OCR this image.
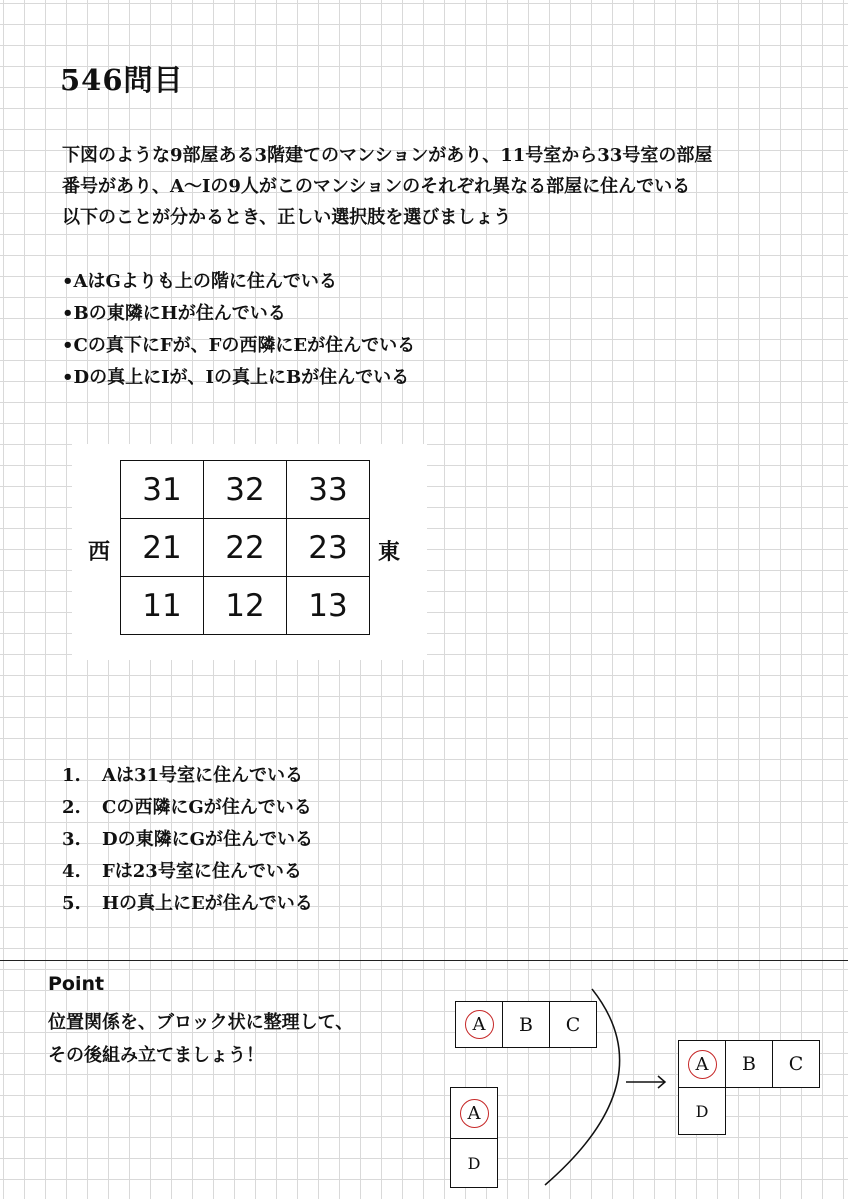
546問目
下図のような9部屋ある3階建てのマンションがあり、11号室から33号室の部屋
番号があり、A〜Iの9人がこのマンションのそれぞれ異なる部屋に住んでいる
以下のことが分かるとき、正しい選択肢を選びましょう
•AはGよりも上の階に住んでいる
•Bの東隣にHが住んでいる
•Cの真下にFが、Fの西隣にEが住んでいる
•Dの真上にIが、Iの真上にBが住んでいる
31	32	33
21	22	23
11	12	13
西	東
1. Aは31号室に住んでいる
2. Cの西隣にGが住んでいる
3. Dの東隣にGが住んでいる
4. Fは23号室に住んでいる
5. Hの真上にEが住んでいる
Point
位置関係を、ブロック状に整理して、
その後組み立てましょう！
A	B	C
A
D
A	B	C
D
